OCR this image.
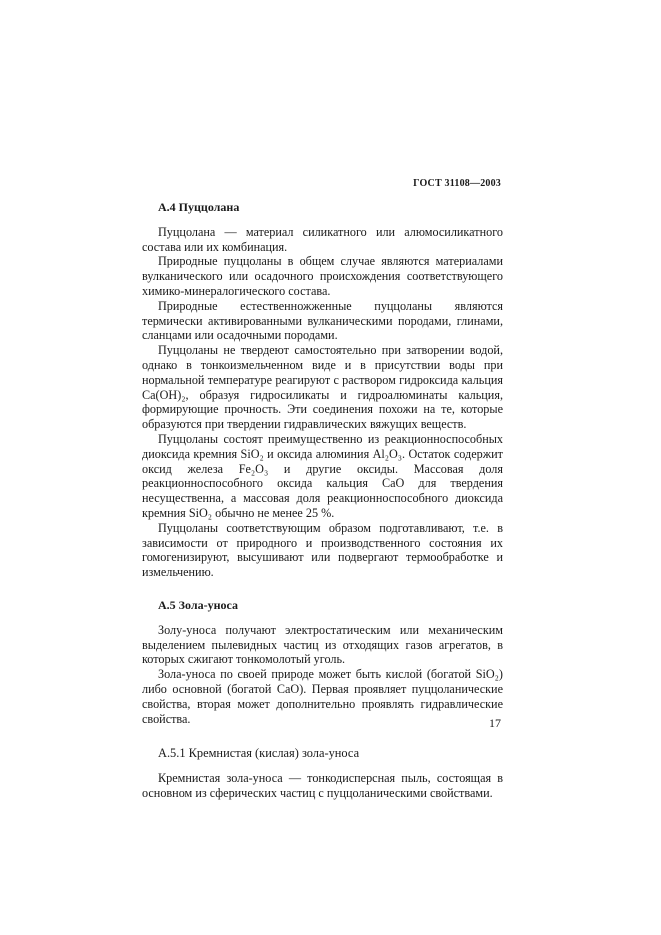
ГОСТ 31108—2003
А.4 Пуццолана

Пуццолана — материал силикатного или алюмосиликатного состава или их комбинация.

Природные пуццоланы в общем случае являются материалами вулканического или осадочного происхождения соответствующего химико-минералогического состава.

Природные естественножженные пуццоланы являются термически активированными вулканическими породами, глинами, сланцами или осадочными породами.

Пуццоланы не твердеют самостоятельно при затворении водой, однако в тонкоизмельченном виде и в присутствии воды при нормальной температуре реагируют с раствором гидроксида кальция Ca(OH)₂, образуя гидросиликаты и гидроалюминаты кальция, формирующие прочность. Эти соединения похожи на те, которые образуются при твердении гидравлических вяжущих веществ.

Пуццоланы состоят преимущественно из реакционноспособных диоксида кремния SiO₂ и оксида алюминия Al₂O₃. Остаток содержит оксид железа Fe₂O₃ и другие оксиды. Массовая доля реакционноспособного оксида кальция CaO для твердения несущественна, а массовая доля реакционноспособного диоксида кремния SiO₂ обычно не менее 25 %.

Пуццоланы соответствующим образом подготавливают, т.е. в зависимости от природного и производственного состояния их гомогенизируют, высушивают или подвергают термообработке и измельчению.

А.5 Зола-уноса

Золу-уноса получают электростатическим или механическим выделением пылевидных частиц из отходящих газов агрегатов, в которых сжигают тонкомолотый уголь.

Зола-уноса по своей природе может быть кислой (богатой SiO₂) либо основной (богатой CaO). Первая проявляет пуццоланические свойства, вторая может дополнительно проявлять гидравлические свойства.

А.5.1 Кремнистая (кислая) зола-уноса

Кремнистая зола-уноса — тонкодисперсная пыль, состоящая в основном из сферических частиц с пуццоланическими свойствами.

17
